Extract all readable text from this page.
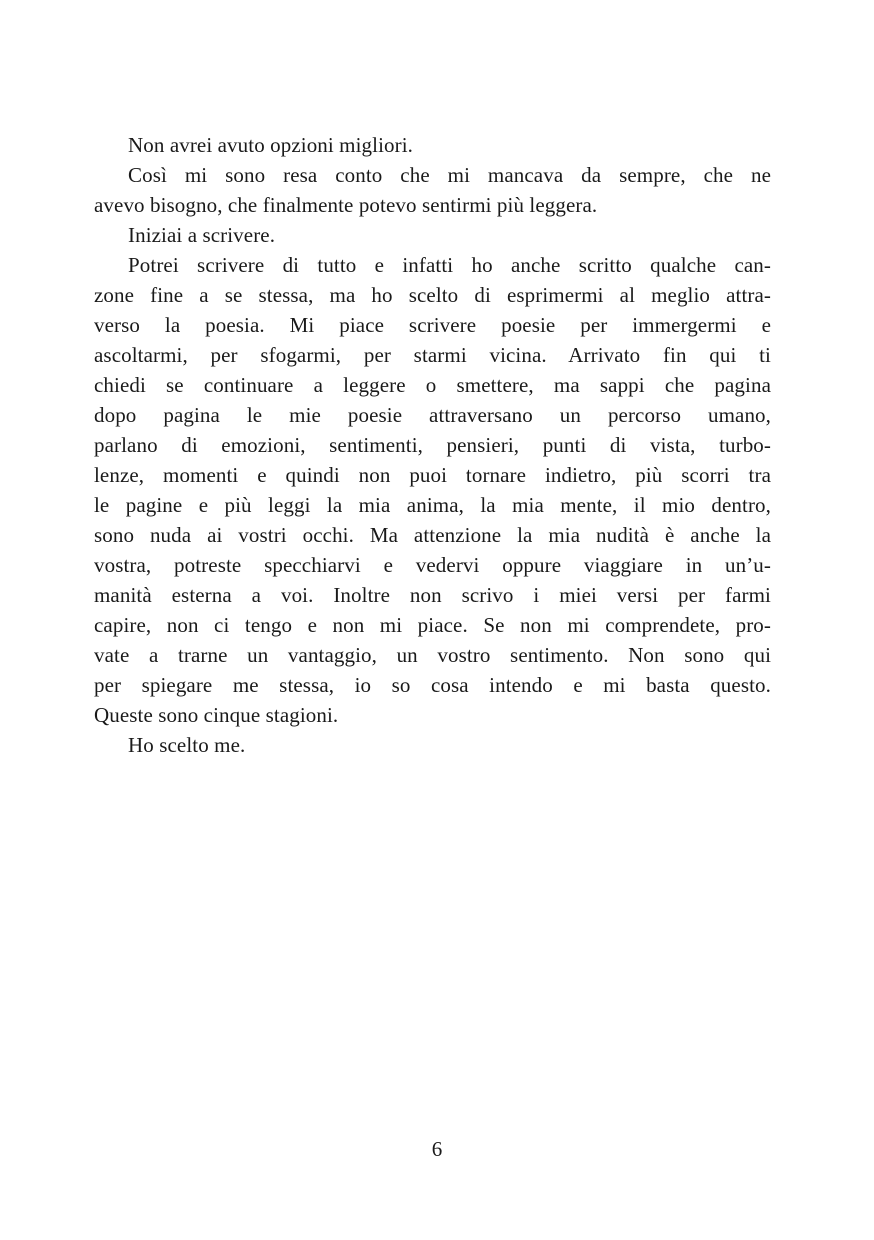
Non avrei avuto opzioni migliori.
Così mi sono resa conto che mi mancava da sempre, che ne
avevo bisogno, che finalmente potevo sentirmi più leggera.
Iniziai a scrivere.
Potrei scrivere di tutto e infatti ho anche scritto qualche can-
zone fine a se stessa, ma ho scelto di esprimermi al meglio attra-
verso la poesia. Mi piace scrivere poesie per immergermi e
ascoltarmi, per sfogarmi, per starmi vicina. Arrivato fin qui ti
chiedi se continuare a leggere o smettere, ma sappi che pagina
dopo pagina le mie poesie attraversano un percorso umano,
parlano di emozioni, sentimenti, pensieri, punti di vista, turbo-
lenze, momenti e quindi non puoi tornare indietro, più scorri tra
le pagine e più leggi la mia anima, la mia mente, il mio dentro,
sono nuda ai vostri occhi. Ma attenzione la mia nudità è anche la
vostra, potreste specchiarvi e vedervi oppure viaggiare in un’u-
manità esterna a voi. Inoltre non scrivo i miei versi per farmi
capire, non ci tengo e non mi piace. Se non mi comprendete, pro-
vate a trarne un vantaggio, un vostro sentimento. Non sono qui
per spiegare me stessa, io so cosa intendo e mi basta questo.
Queste sono cinque stagioni.
Ho scelto me.
6
